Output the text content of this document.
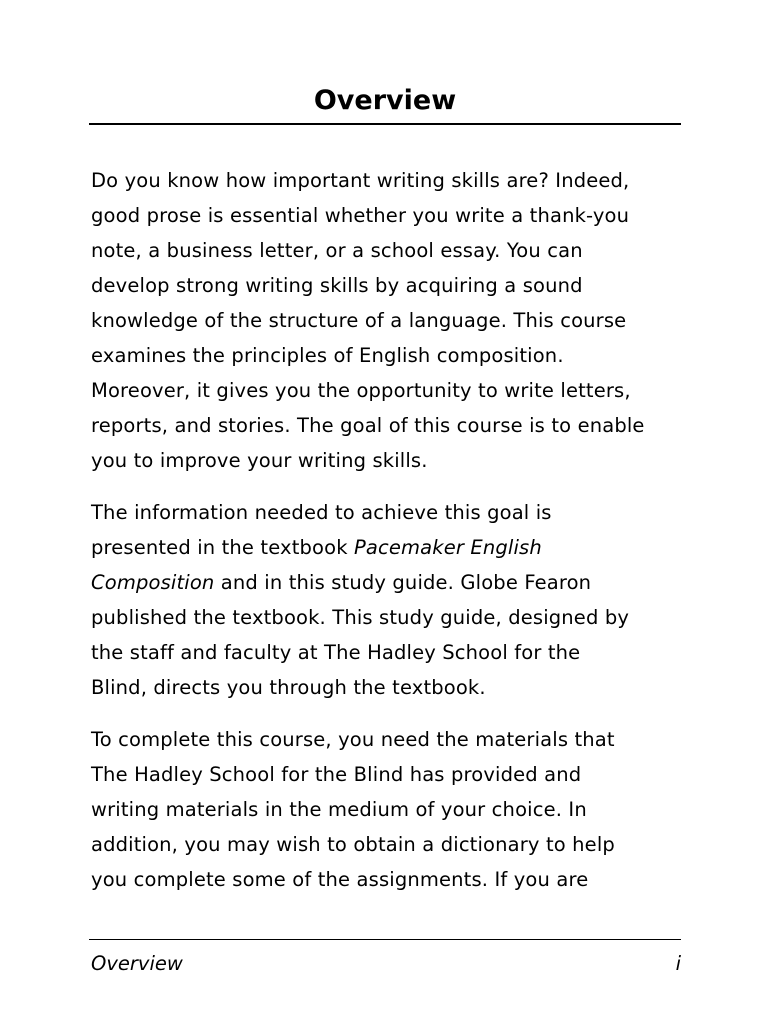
Overview

Do you know how important writing skills are? Indeed,
good prose is essential whether you write a thank-you
note, a business letter, or a school essay. You can
develop strong writing skills by acquiring a sound
knowledge of the structure of a language. This course
examines the principles of English composition.
Moreover, it gives you the opportunity to write letters,
reports, and stories. The goal of this course is to enable
you to improve your writing skills.

The information needed to achieve this goal is
presented in the textbook Pacemaker English
Composition and in this study guide. Globe Fearon
published the textbook. This study guide, designed by
the staff and faculty at The Hadley School for the
Blind, directs you through the textbook.

To complete this course, you need the materials that
The Hadley School for the Blind has provided and
writing materials in the medium of your choice. In
addition, you may wish to obtain a dictionary to help
you complete some of the assignments. If you are

Overview	i
